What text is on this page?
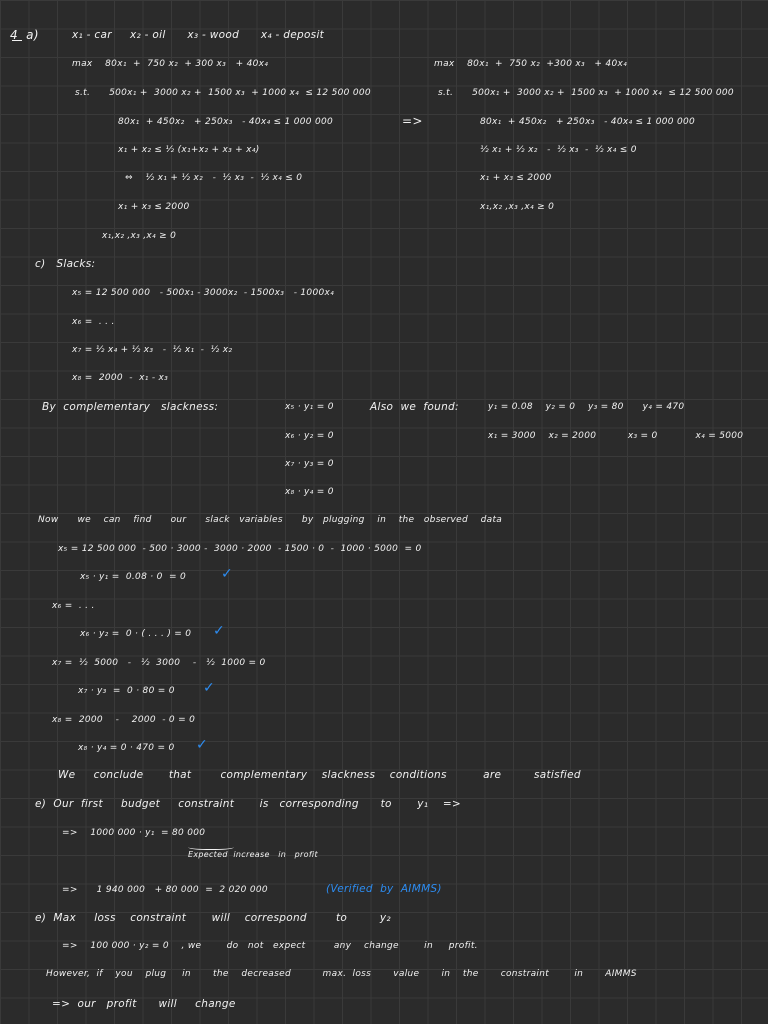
4  a)	x₁ - car     x₂ - oil      x₃ - wood      x₄ - deposit
max    80x₁  +  750 x₂  + 300 x₃   + 40x₄
s.t.      500x₁ +  3000 x₂ +  1500 x₃  + 1000 x₄  ≤ 12 500 000
80x₁  + 450x₂   + 250x₃   - 40x₄ ≤ 1 000 000
x₁ + x₂ ≤ ½ (x₁+x₂ + x₃ + x₄)
⇔    ½ x₁ + ½ x₂   -  ½ x₃  -  ½ x₄ ≤ 0
x₁ + x₃ ≤ 2000
x₁,x₂ ,x₃ ,x₄ ≥ 0
=>
max    80x₁  +  750 x₂  +300 x₃   + 40x₄
s.t.      500x₁ +  3000 x₂ +  1500 x₃  + 1000 x₄  ≤ 12 500 000
80x₁  + 450x₂   + 250x₃   - 40x₄ ≤ 1 000 000
½ x₁ + ½ x₂   -  ½ x₃  -  ½ x₄ ≤ 0
x₁ + x₃ ≤ 2000
x₁,x₂ ,x₃ ,x₄ ≥ 0
c)   Slacks:
x₅ = 12 500 000   - 500x₁ - 3000x₂  - 1500x₃   - 1000x₄
x₆ =  . . .
x₇ = ½ x₄ + ½ x₃   -  ½ x₁  -  ½ x₂
x₈ =  2000  -  x₁ - x₃
By  complementary   slackness:	x₅ · y₁ = 0
x₆ · y₂ = 0
x₇ · y₃ = 0
x₈ · y₄ = 0
Also  we  found:	y₁ = 0.08    y₂ = 0    y₃ = 80      y₄ = 470
x₁ = 3000    x₂ = 2000          x₃ = 0            x₄ = 5000
Now      we    can    find      our      slack   variables      by   plugging    in    the   observed    data
x₅ = 12 500 000  - 500 · 3000 -  3000 · 2000  - 1500 · 0  -  1000 · 5000  = 0
x₅ · y₁ =  0.08 · 0  = 0	✓
x₆ =  . . .
x₆ · y₂ =  0 · ( . . . ) = 0 ✓
x₇ =  ½  5000   -   ½  3000    -   ½  1000 = 0
x₇ · y₃  =  0 · 80 = 0 ✓
x₈ =  2000    -    2000  - 0 = 0
x₈ · y₄ = 0 · 470 = 0 ✓
We     conclude       that        complementary    slackness    conditions          are         satisfied
e)  Our  first     budget     constraint       is   corresponding      to       y₁    =>
=>    1000 000 · y₁  = 80 000
Expected  increase   in   profit
=>      1 940 000   + 80 000  =  2 020 000	(Verified  by  AIMMS)
e)  Max     loss    constraint       will    correspond        to         y₂
=>    100 000 · y₂ = 0    , we        do   not   expect         any    change        in     profit.
However,  if    you    plug     in       the    decreased          max.  loss       value       in    the       constraint        in       AIMMS
=>  our   profit      will     change
